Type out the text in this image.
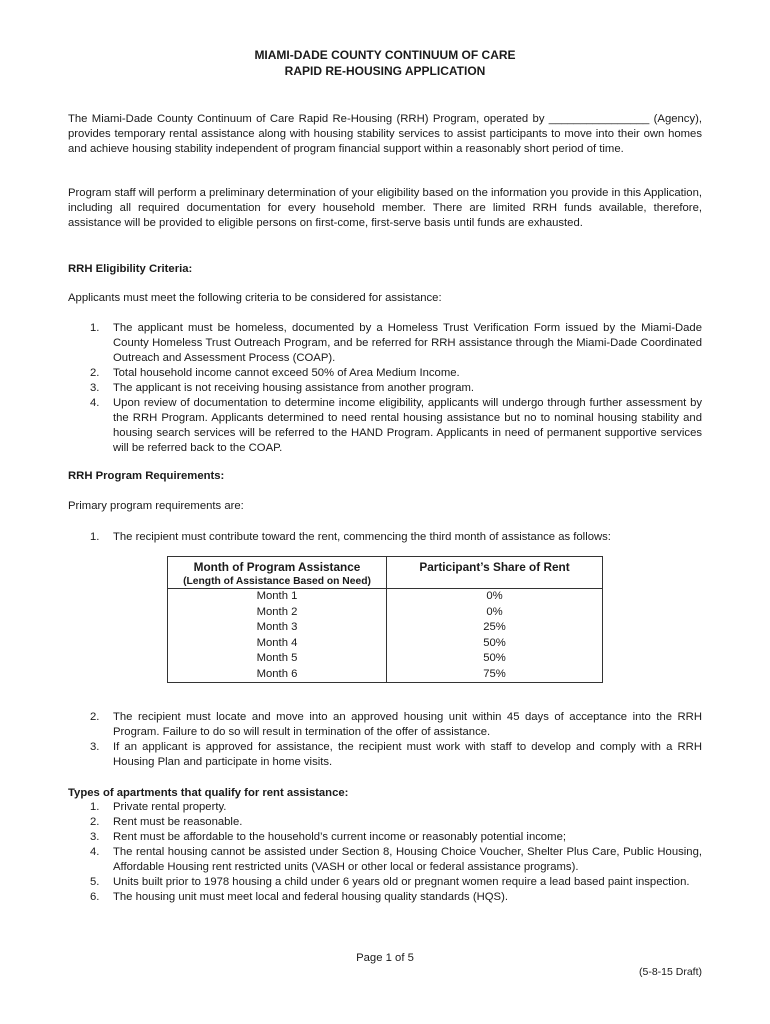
MIAMI-DADE COUNTY CONTINUUM OF CARE
RAPID RE-HOUSING APPLICATION
The Miami-Dade County Continuum of Care Rapid Re-Housing (RRH) Program, operated by ________________ (Agency), provides temporary rental assistance along with housing stability services to assist participants to move into their own homes and achieve housing stability independent of program financial support within a reasonably short period of time.
Program staff will perform a preliminary determination of your eligibility based on the information you provide in this Application, including all required documentation for every household member. There are limited RRH funds available, therefore, assistance will be provided to eligible persons on first-come, first-serve basis until funds are exhausted.
RRH Eligibility Criteria:
Applicants must meet the following criteria to be considered for assistance:
1. The applicant must be homeless, documented by a Homeless Trust Verification Form issued by the Miami-Dade County Homeless Trust Outreach Program, and be referred for RRH assistance through the Miami-Dade Coordinated Outreach and Assessment Process (COAP).
2. Total household income cannot exceed 50% of Area Medium Income.
3. The applicant is not receiving housing assistance from another program.
4. Upon review of documentation to determine income eligibility, applicants will undergo through further assessment by the RRH Program. Applicants determined to need rental housing assistance but no to nominal housing stability and housing search services will be referred to the HAND Program. Applicants in need of permanent supportive services will be referred back to the COAP.
RRH Program Requirements:
Primary program requirements are:
1. The recipient must contribute toward the rent, commencing the third month of assistance as follows:
Month of Program Assistance
(Length of Assistance Based on Need)	Participant’s Share of Rent

Month 1	0%
Month 2	0%
Month 3	25%
Month 4	50%
Month 5	50%
Month 6	75%
2. The recipient must locate and move into an approved housing unit within 45 days of acceptance into the RRH Program. Failure to do so will result in termination of the offer of assistance.
3. If an applicant is approved for assistance, the recipient must work with staff to develop and comply with a RRH Housing Plan and participate in home visits.
Types of apartments that qualify for rent assistance:
1. Private rental property.
2. Rent must be reasonable.
3. Rent must be affordable to the household’s current income or reasonably potential income;
4. The rental housing cannot be assisted under Section 8, Housing Choice Voucher, Shelter Plus Care, Public Housing, Affordable Housing rent restricted units (VASH or other local or federal assistance programs).
5. Units built prior to 1978 housing a child under 6 years old or pregnant women require a lead based paint inspection.
6. The housing unit must meet local and federal housing quality standards (HQS).
Page 1 of 5
(5-8-15 Draft)
